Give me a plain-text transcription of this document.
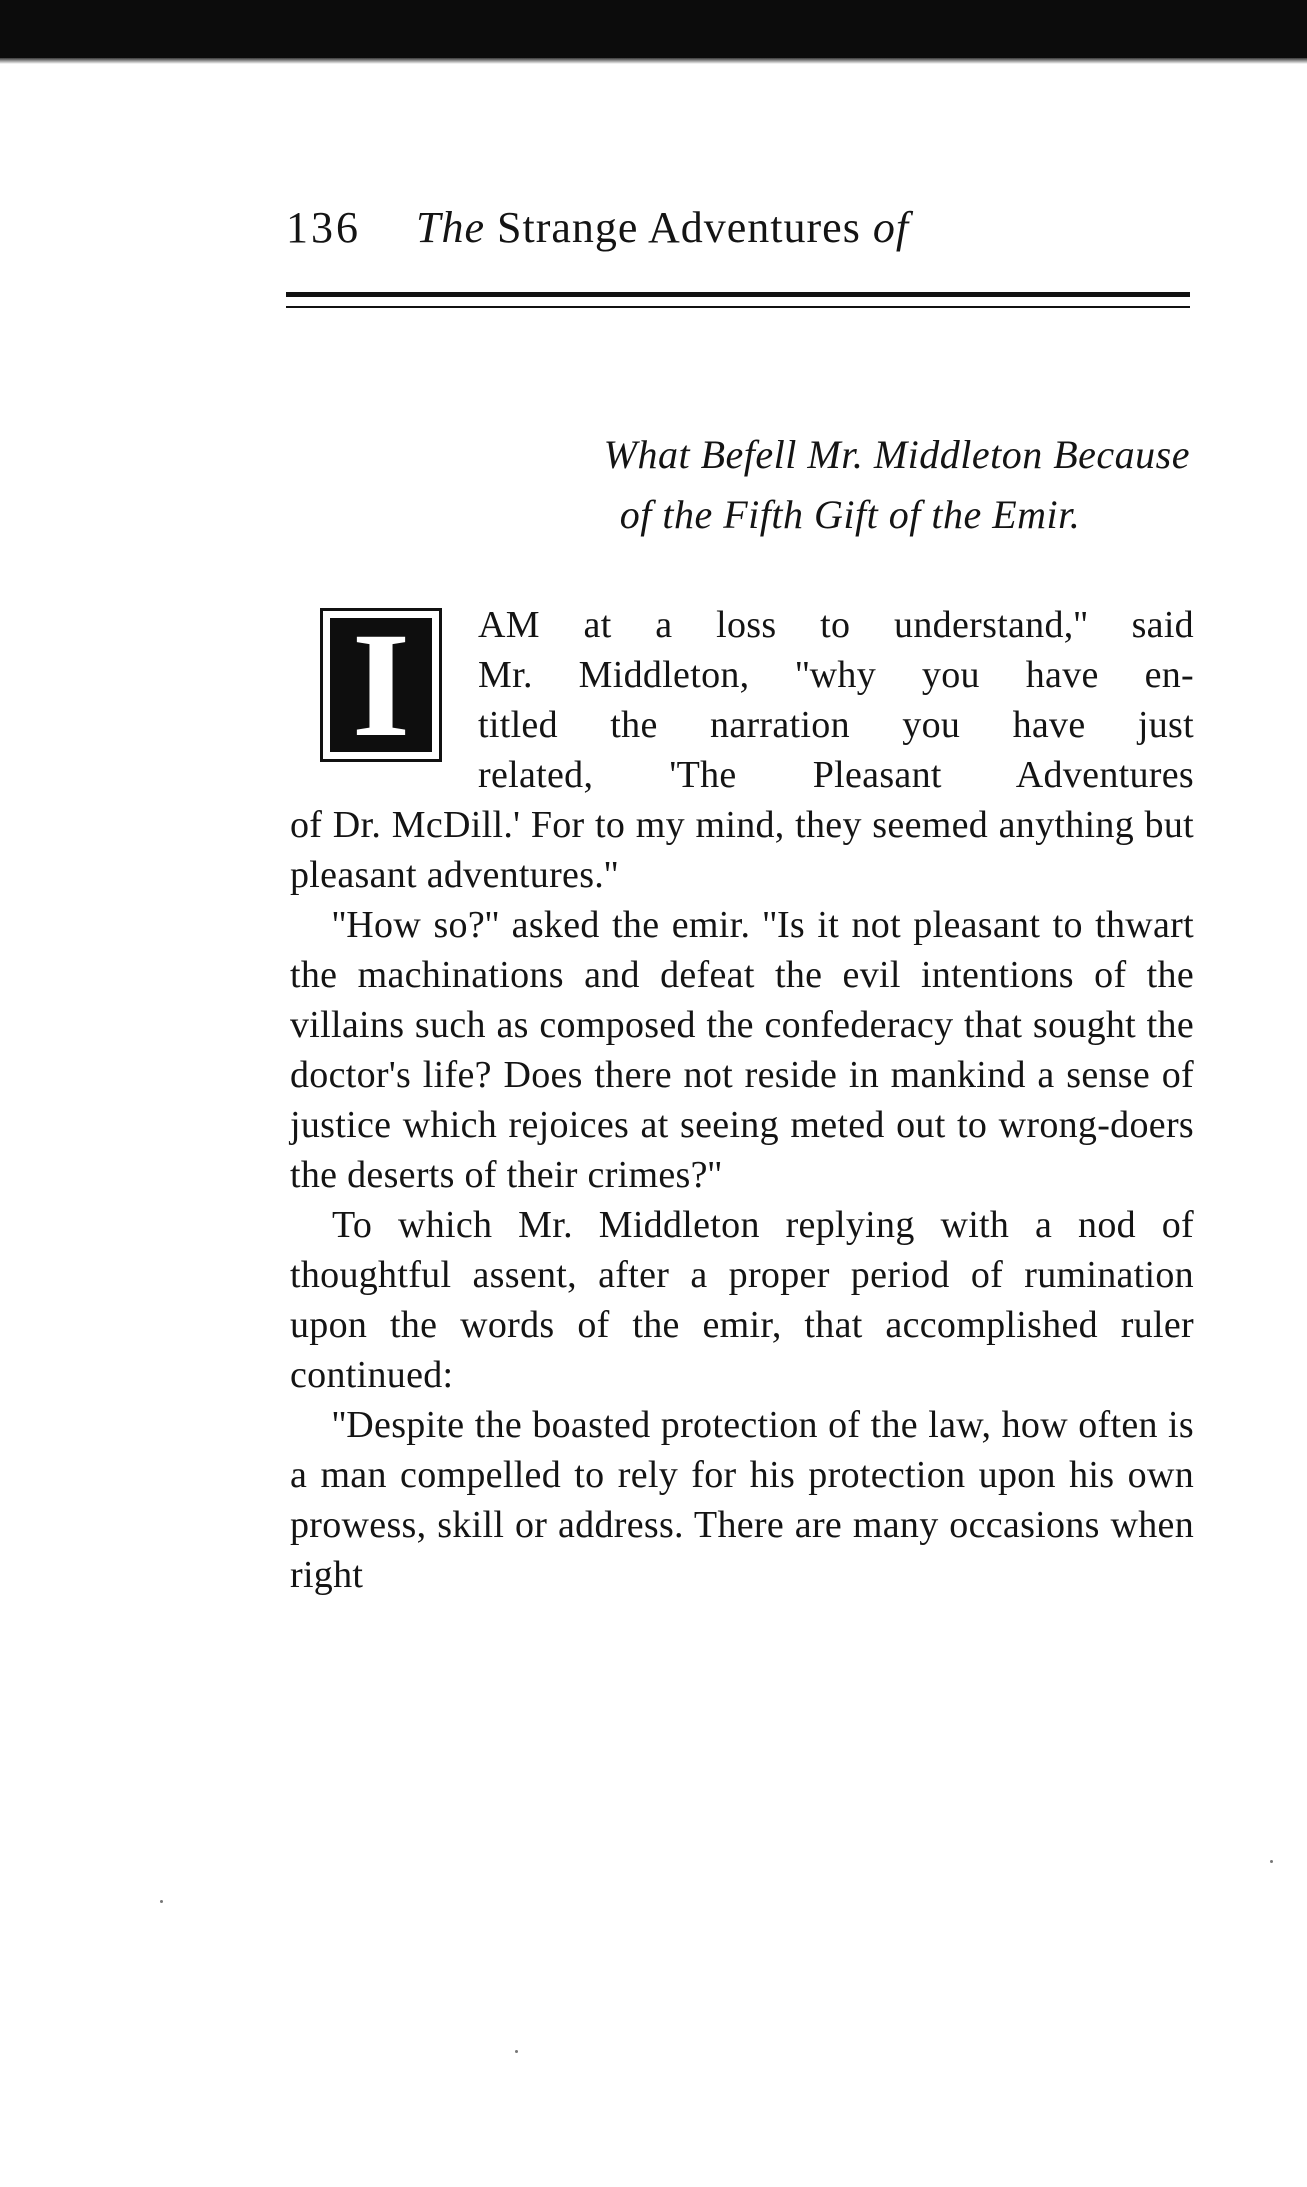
136 The Strange Adventures of
What Befell Mr. Middleton Because
of the Fifth Gift of the Emir.
I	AM at a loss to understand,'' said
Mr. Middleton, ''why you have en-
titled the narration you have just
related, 'The Pleasant Adventures
of Dr. McDill.' For to my mind, they seemed anything but pleasant adventures.''

''How so?'' asked the emir. ''Is it not pleasant to thwart the machinations and defeat the evil intentions of the villains such as composed the confederacy that sought the doctor's life? Does there not reside in mankind a sense of justice which rejoices at seeing meted out to wrong-doers the deserts of their crimes?''

To which Mr. Middleton replying with a nod of thoughtful assent, after a proper period of rumination upon the words of the emir, that accomplished ruler continued:

''Despite the boasted protection of the law, how often is a man compelled to rely for his protection upon his own prowess, skill or address. There are many occasions when right
